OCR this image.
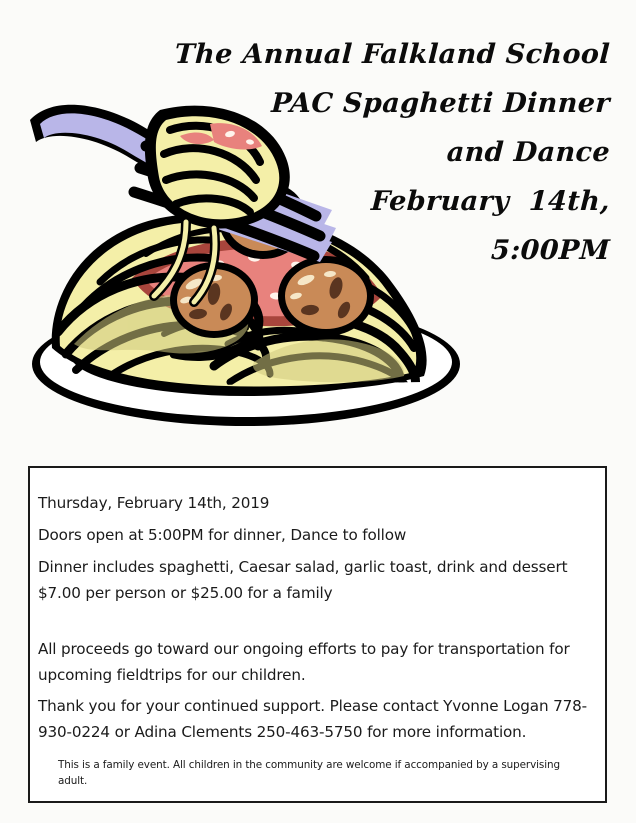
The Annual Falkland School
PAC Spaghetti Dinner
and Dance
February  14th,
5:00PM

Thursday, February 14th, 2019

Doors open at 5:00PM for dinner, Dance to follow

Dinner includes spaghetti, Caesar salad, garlic toast, drink and dessert
$7.00 per person or $25.00 for a family

All proceeds go toward our ongoing efforts to pay for transportation for
upcoming fieldtrips for our children.

Thank you for your continued support. Please contact Yvonne Logan 778-
930-0224 or Adina Clements 250-463-5750 for more information.

This is a family event. All children in the community are welcome if accompanied by a supervising adult.
